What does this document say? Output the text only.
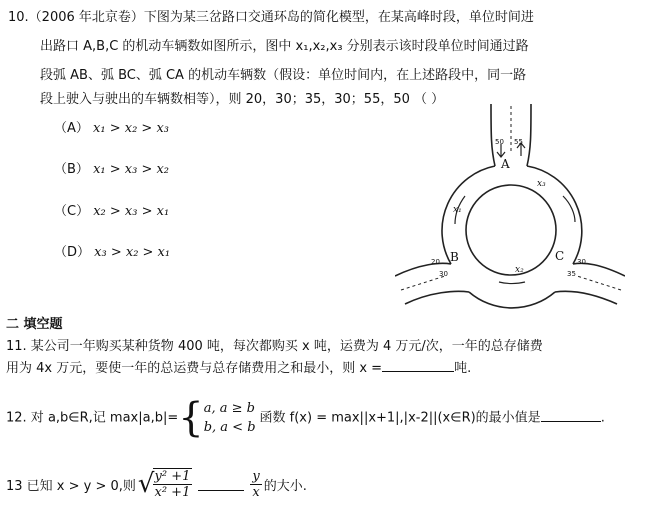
10.（2006 年北京卷）下图为某三岔路口交通环岛的简化模型，在某高峰时段，单位时间进
出路口 A,B,C 的机动车辆数如图所示，图中 x₁,x₂,x₃ 分别表示该时段单位时间通过路
段弧 AB、弧 BC、弧 CA 的机动车辆数（假设：单位时间内，在上述路段中，同一路
段上驶入与驶出的车辆数相等），则 20，30；35，30；55，50 （ ）
（A） x₁ > x₂ > x₃
（B） x₁ > x₃ > x₂
（C） x₂ > x₃ > x₁
（D） x₃ > x₂ > x₁
A
B	C
x₁
x₃
x₂
50 55
20
30
30
35
二 填空题
11. 某公司一年购买某种货物 400 吨，每次都购买 x 吨，运费为 4 万元/次，一年的总存储费
用为 4x 万元，要使一年的总运费与总存储费用之和最小，则 x =	吨.
12. 对 a,b∈R,记 max|a,b|={ a, a ≥ b
b, a < b
函数 f(x) = max||x+1|,|x-2||(x∈R)的最小值是	.
13 已知 x > y > 0,则 √
$\frac{\text{y² +1}}{\text{x² +1}}$	$\frac{y}{x}$ 的大小.
